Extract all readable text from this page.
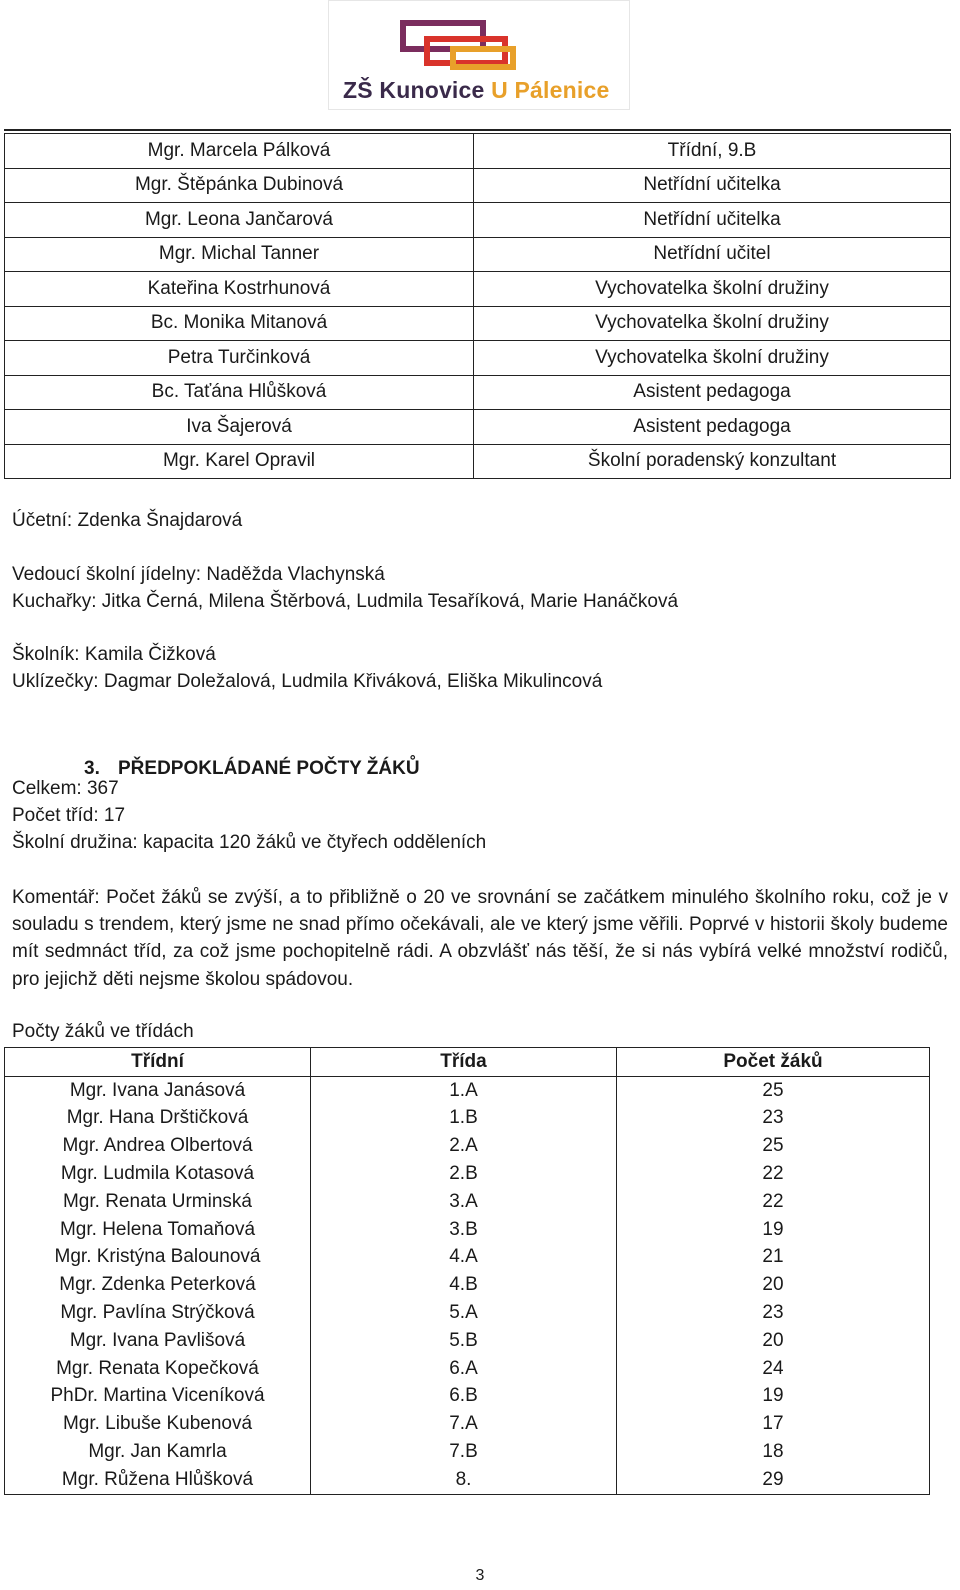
ZŠ Kunovice U Pálenice
Mgr. Marcela Pálková	Třídní, 9.B
Mgr. Štěpánka Dubinová	Netřídní učitelka
Mgr. Leona Jančarová	Netřídní učitelka
Mgr. Michal Tanner	Netřídní učitel
Kateřina Kostrhunová	Vychovatelka školní družiny
Bc. Monika Mitanová	Vychovatelka školní družiny
Petra Turčinková	Vychovatelka školní družiny
Bc. Taťána Hlůšková	Asistent pedagoga
Iva Šajerová	Asistent pedagoga
Mgr. Karel Opravil	Školní poradenský konzultant
Účetní: Zdenka Šnajdarová
Vedoucí školní jídelny: Naděžda Vlachynská
Kuchařky: Jitka Černá, Milena Štěrbová, Ludmila Tesaříková, Marie Hanáčková
Školník: Kamila Čižková
Uklízečky: Dagmar Doležalová, Ludmila Křiváková, Eliška Mikulincová
3. PŘEDPOKLÁDANÉ POČTY ŽÁKŮ
Celkem: 367
Počet tříd: 17
Školní družina: kapacita 120 žáků ve čtyřech odděleních
Komentář: Počet žáků se zvýší, a to přibližně o 20 ve srovnání se začátkem minulého školního roku, což je v souladu s trendem, který jsme ne snad přímo očekávali, ale ve který jsme věřili. Poprvé v historii školy budeme mít sedmnáct tříd, za což jsme pochopitelně rádi. A obzvlášť nás těší, že si nás vybírá velké množství rodičů, pro jejichž děti nejsme školou spádovou.
Počty žáků ve třídách
Třídní	Třída	Počet žáků
Mgr. Ivana Janásová	1.A	25
Mgr. Hana Drštičková	1.B	23
Mgr. Andrea Olbertová	2.A	25
Mgr. Ludmila Kotasová	2.B	22
Mgr. Renata Urminská	3.A	22
Mgr. Helena Tomaňová	3.B	19
Mgr. Kristýna Balounová	4.A	21
Mgr. Zdenka Peterková	4.B	20
Mgr. Pavlína Strýčková	5.A	23
Mgr. Ivana Pavlišová	5.B	20
Mgr. Renata Kopečková	6.A	24
PhDr. Martina Viceníková	6.B	19
Mgr. Libuše Kubenová	7.A	17
Mgr. Jan Kamrla	7.B	18
Mgr. Růžena Hlůšková	8.	29
3
